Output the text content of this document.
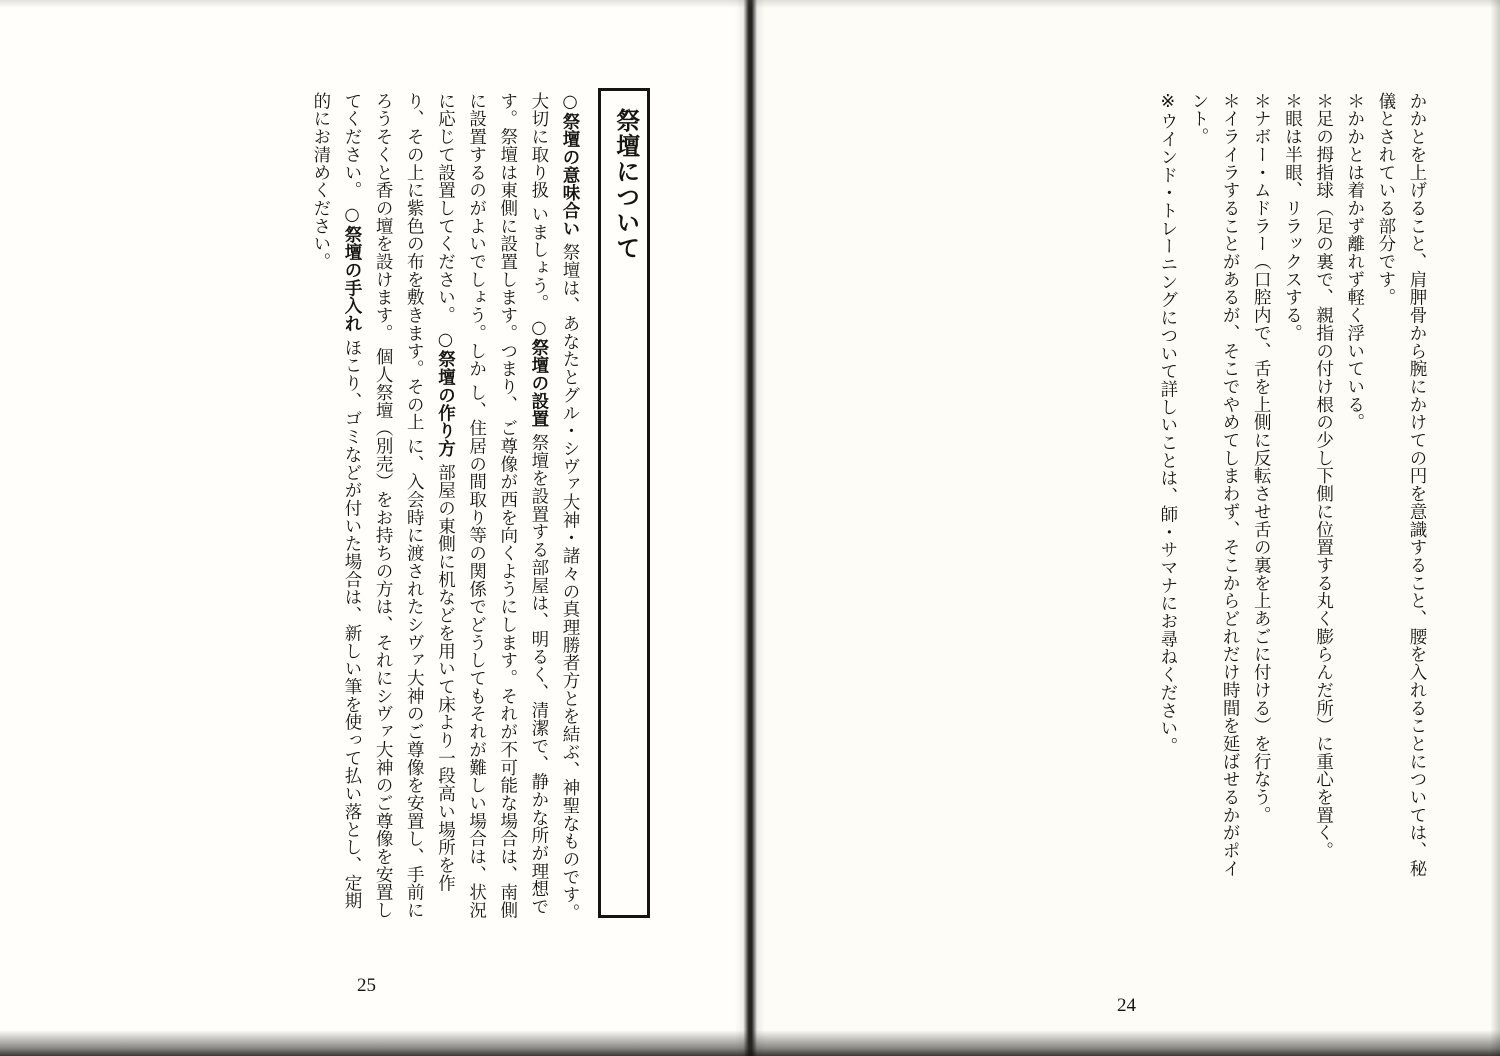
かかとを上げること、肩胛骨から腕にかけての円を意識すること、腰を入れることについては、秘
儀とされている部分です。
＊かかとは着かず離れず軽く浮いている。
＊足の拇指球（足の裏で、親指の付け根の少し下側に位置する丸く膨らんだ所）に重心を置く。
＊眼は半眼、リラックスする。
＊ナボー・ムドラー（口腔内で、舌を上側に反転させ舌の裏を上あごに付ける）を行なう。
＊イライラすることがあるが、そこでやめてしまわず、そこからどれだけ時間を延ばせるかがポイ
ント。
※ウインド・トレーニングについて詳しいことは、師・サマナにお尋ねください。
24
祭壇について
○祭壇の意味合い 祭壇は、あなたとグル・シヴァ大神・諸々の真理勝者方とを結ぶ、神聖なものです。大切に取り扱 いましょう。 ○祭壇の設置 祭壇を設置する部屋は、明るく、清潔で、静かな所が理想です。祭壇は東側に設置します。つまり、 ご尊像が西を向くようにします。それが不可能な場合は、南側に設置するのがよいでしょう。しか し、住居の間取り等の関係でどうしてもそれが難しい場合は、状況に応じて設置してください。 ○祭壇の作り方 部屋の東側に机などを用いて床より一段高い場所を作り、その上に紫色の布を敷きます。その上 に、入会時に渡されたシヴァ大神のご尊像を安置し、手前にろうそくと香の壇を設けます。 個人祭壇（別売）をお持ちの方は、それにシヴァ大神のご尊像を安置してください。 ○祭壇の手入れ ほこり、ゴミなどが付いた場合は、新しい筆を使って払い落とし、定期的にお清めください。
25
